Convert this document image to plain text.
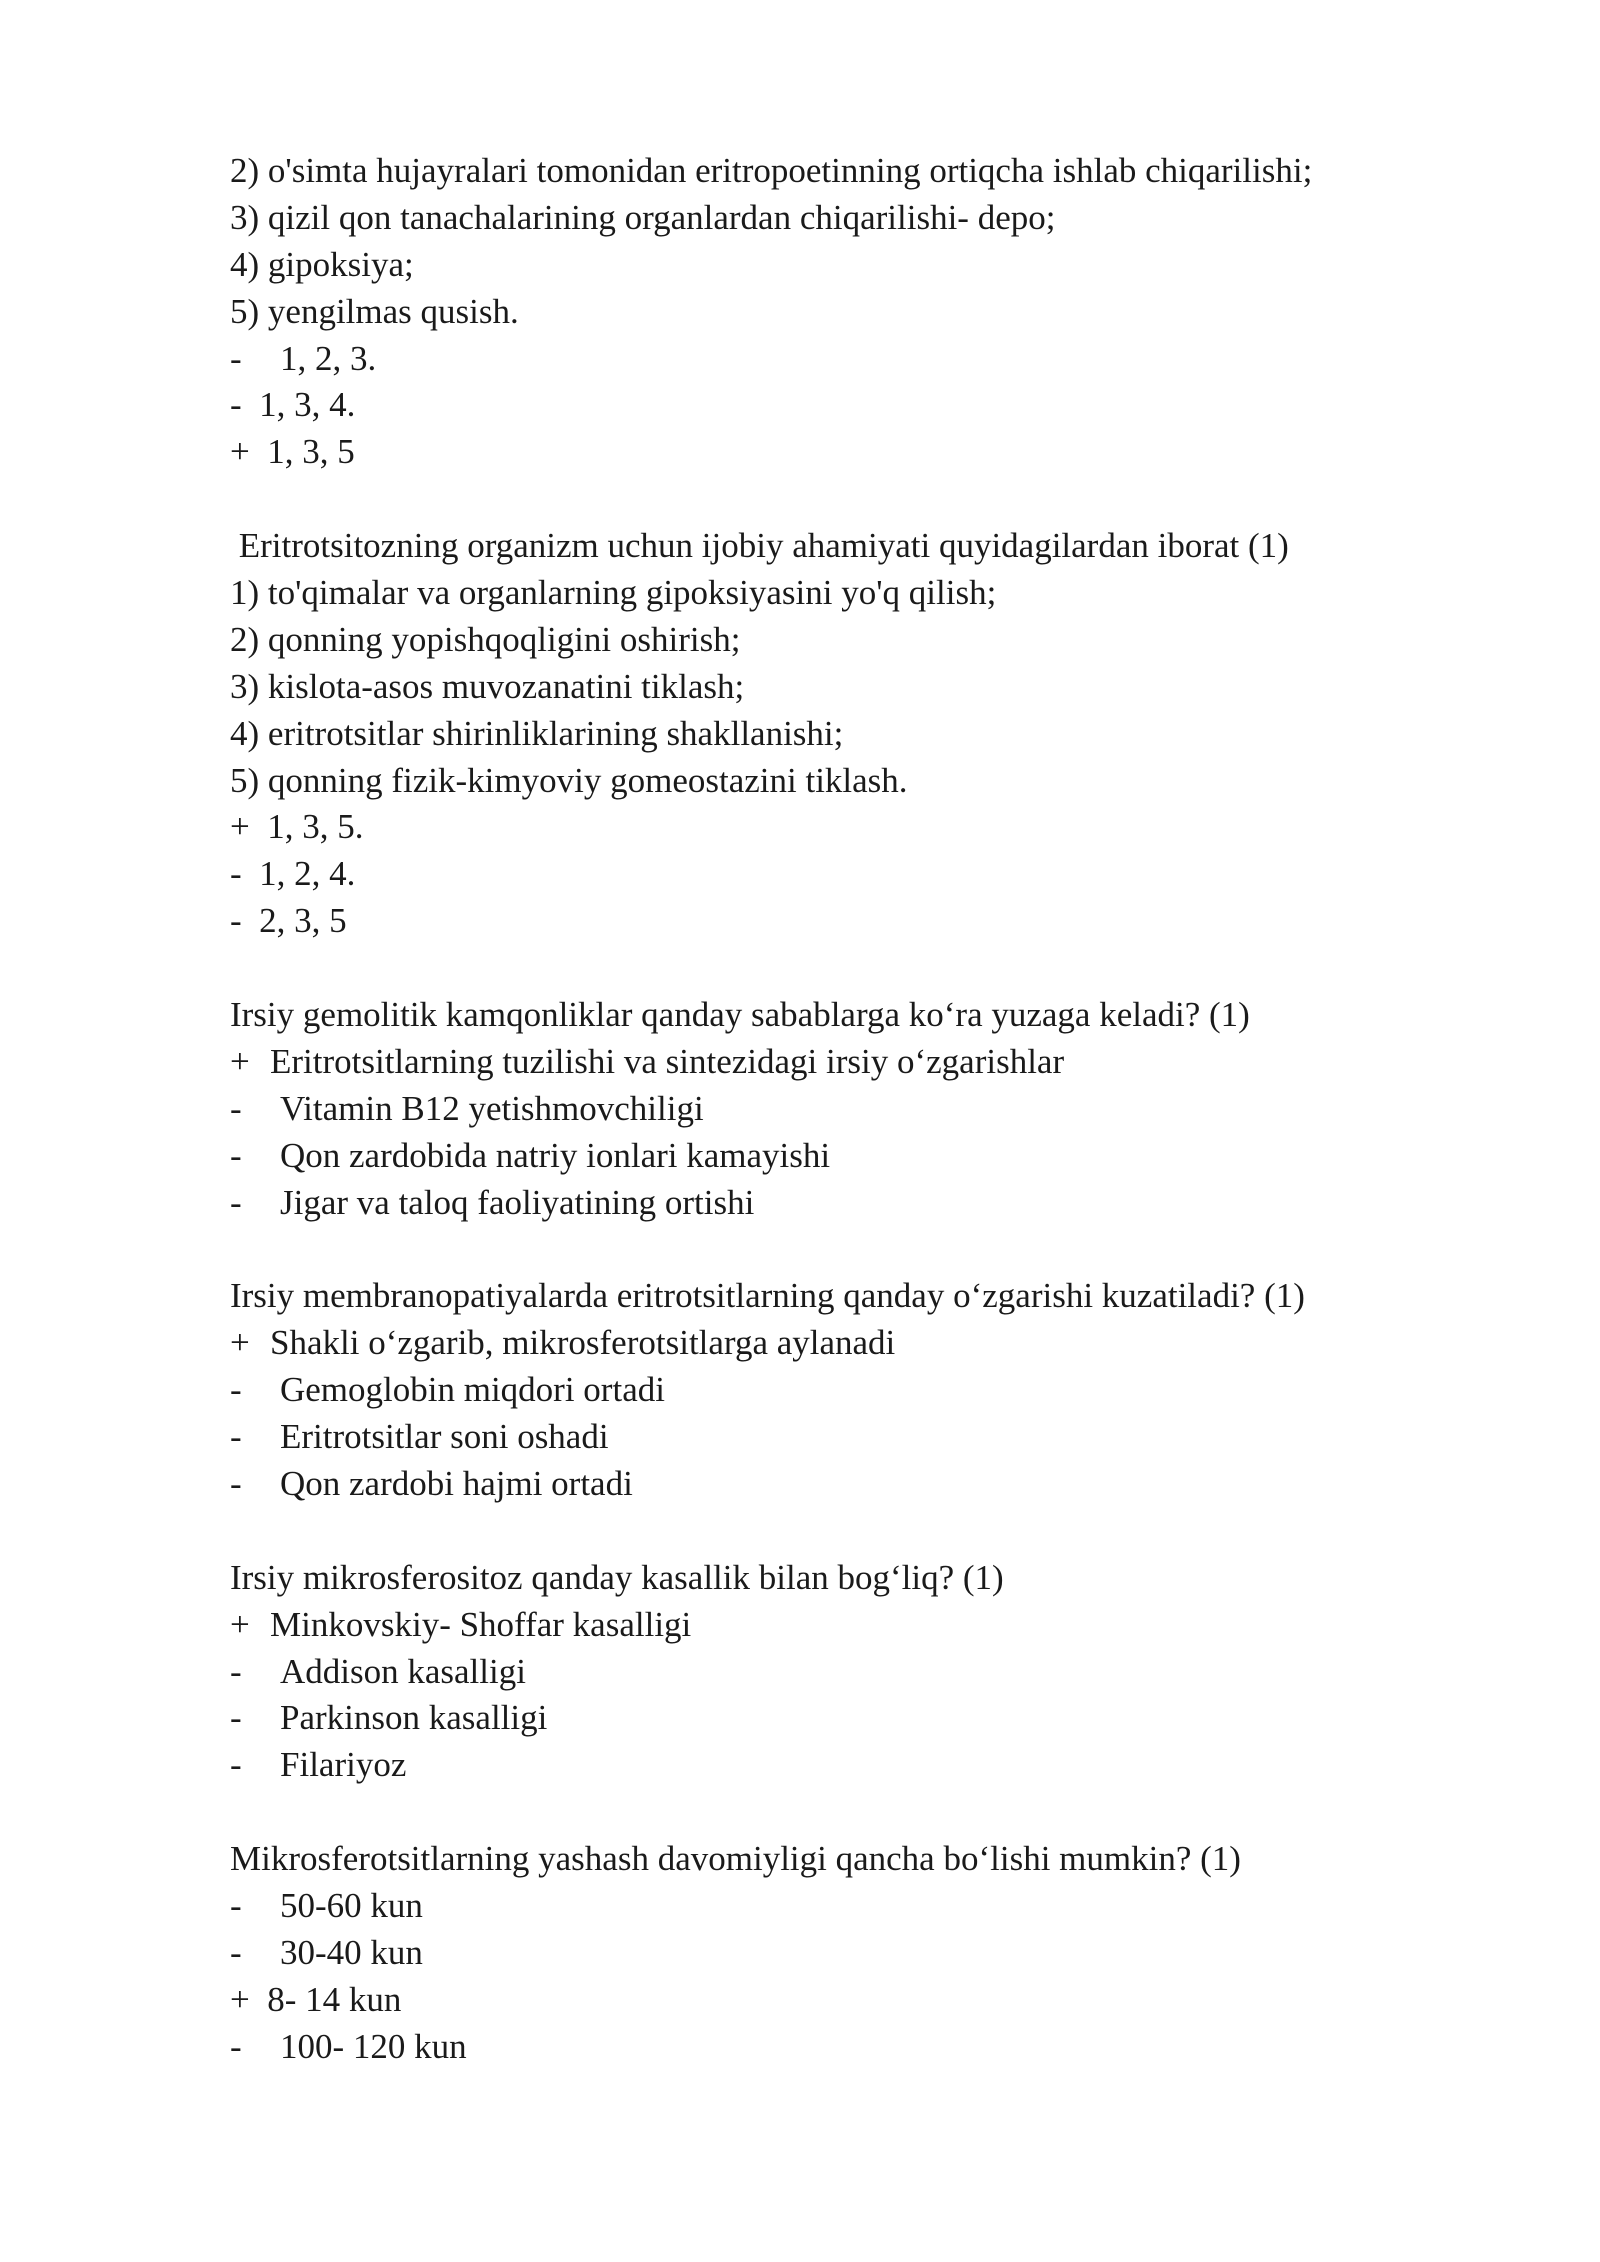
2) o'simta hujayralari tomonidan eritropoetinning ortiqcha ishlab chiqarilishi;
3) qizil qon tanachalarining organlardan chiqarilishi- depo;
4) gipoksiya;
5) yengilmas qusish.
- 1, 2, 3.
- 1, 3, 4.
+ 1, 3, 5
Eritrotsitozning organizm uchun ijobiy ahamiyati quyidagilardan iborat (1)
1) to'qimalar va organlarning gipoksiyasini yo'q qilish;
2) qonning yopishqoqligini oshirish;
3) kislota-asos muvozanatini tiklash;
4) eritrotsitlar shirinliklarining shakllanishi;
5) qonning fizik-kimyoviy gomeostazini tiklash.
+ 1, 3, 5.
- 1, 2, 4.
- 2, 3, 5
Irsiy gemolitik kamqonliklar qanday sabablarga ko‘ra yuzaga keladi? (1)
+ Eritrotsitlarning tuzilishi va sintezidagi irsiy o‘zgarishlar
- Vitamin B12 yetishmovchiligi
- Qon zardobida natriy ionlari kamayishi
- Jigar va taloq faoliyatining ortishi
Irsiy membranopatiyalarda eritrotsitlarning qanday o‘zgarishi kuzatiladi? (1)
+ Shakli o‘zgarib, mikrosferotsitlarga aylanadi
- Gemoglobin miqdori ortadi
- Eritrotsitlar soni oshadi
- Qon zardobi hajmi ortadi
Irsiy mikrosferositoz qanday kasallik bilan bog‘liq? (1)
+ Minkovskiy- Shoffar kasalligi
- Addison kasalligi
- Parkinson kasalligi
- Filariyoz
Mikrosferotsitlarning yashash davomiyligi qancha bo‘lishi mumkin? (1)
- 50-60 kun
- 30-40 kun
+ 8- 14 kun
- 100- 120 kun
